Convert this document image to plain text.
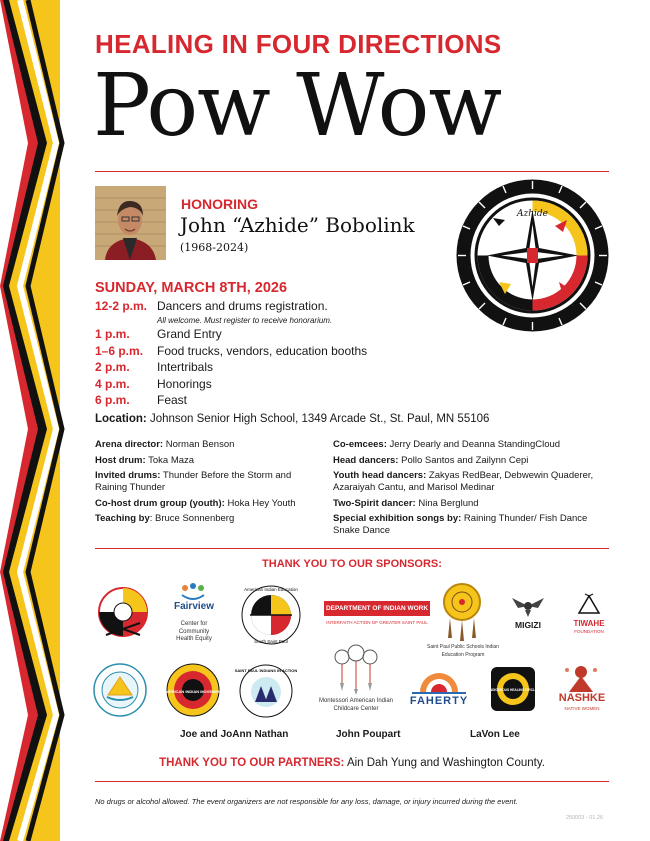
HEALING IN FOUR DIRECTIONS
Pow Wow
HONORING
John “Azhide” Bobolink
(1968-2024)
Azhide
SUNDAY, MARCH 8TH, 2026
12-2 p.m. Dancers and drums registration.
All welcome. Must register to receive honorarium.
1 p.m.	Grand Entry
1–6 p.m.	Food trucks, vendors, education booths
2 p.m.	Intertribals
4 p.m.	Honorings
6 p.m.	Feast
Location: Johnson Senior High School, 1349 Arcade St., St. Paul, MN 55106
Arena director: Norman Benson
Host drum: Toka Maza
Invited drums: Thunder Before the Storm and Raining Thunder
Co-host drum group (youth): Hoka Hey Youth
Teaching by: Bruce Sonnenberg
Co-emcees: Jerry Dearly and Deanna StandingCloud
Head dancers: Pollo Santos and Zailynn Cepi
Youth head dancers: Zakyas RedBear, Debwewin Quaderer, Azaraiyah Cantu, and Marisol Medinar
Two-Spirit dancer: Nina Berglund
Special exhibition songs by: Raining Thunder/ Fish Dance Snake Dance
THANK YOU TO OUR SPONSORS:
Fairview
Center for Community Health Equity
American Indian Education
South Saint Paul
DEPARTMENT OF INDIAN WORK
INTERFAITH ACTION OF GREATER SAINT PAUL
Saint Paul Public Schools Indian Education Program
MIGIZI	TIWAHE
FOUNDATION
AMERICAN INDIAN MOVEMENT
SAINT PAUL INDIANS IN ACTION
Montessori American Indian Childcare Center
FAHERTY
INDIGENOUS HEALING CIRCLE
NASHKE
NATIVE WOMEN
Joe and JoAnn Nathan	John Poupart	LaVon Lee
THANK YOU TO OUR PARTNERS: Ain Dah Yung and Washington County.
No drugs or alcohol allowed. The event organizers are not responsible for any loss, damage, or injury incurred during the event.
250003 - 01.26
